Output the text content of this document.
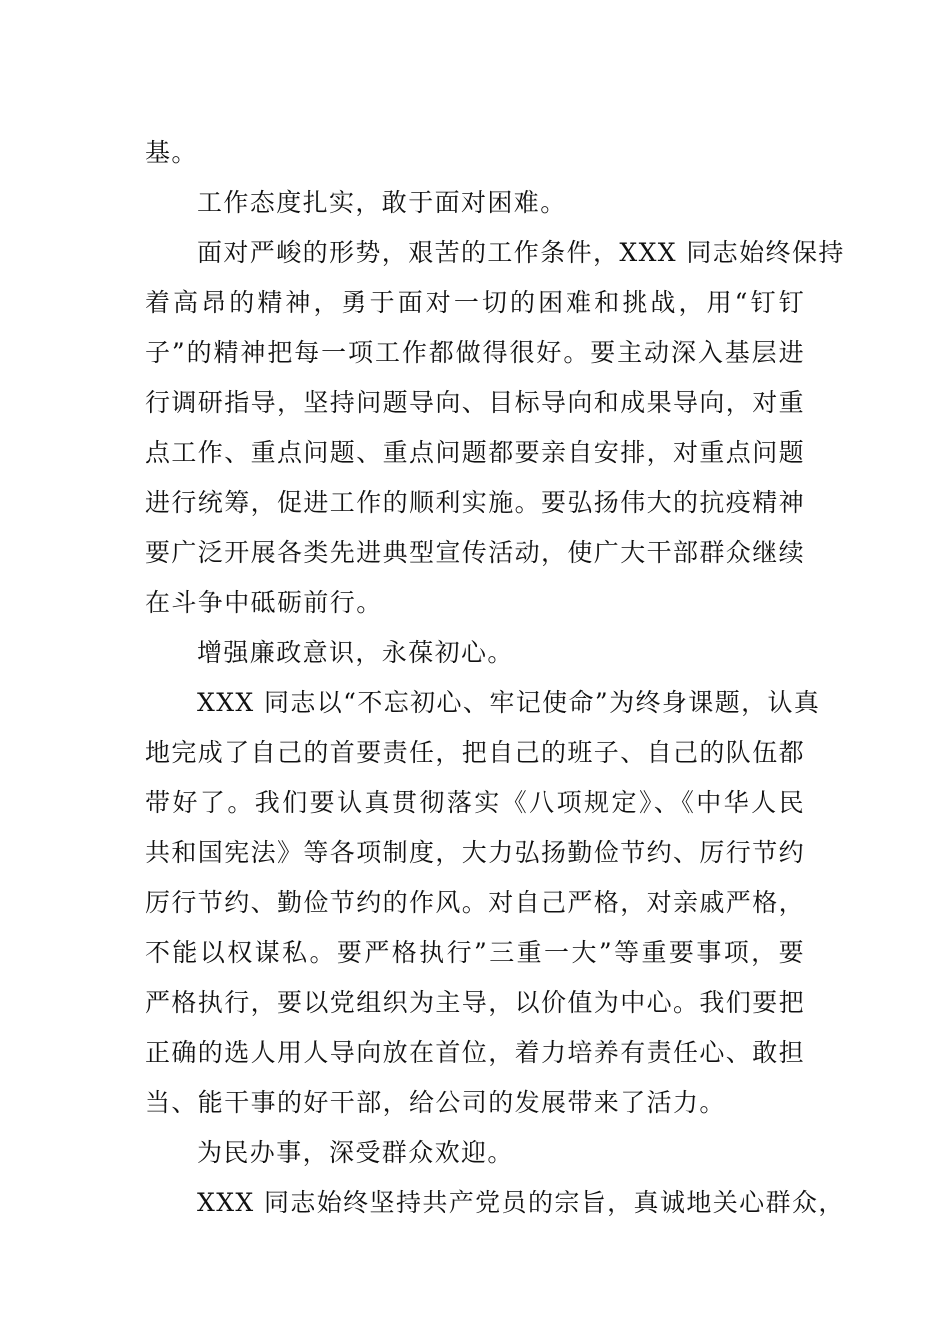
基。
工作态度扎实，敢于面对困难。
面对严峻的形势，艰苦的工作条件，XXX 同志始终保持
着高昂的精神，勇于面对一切的困难和挑战，用“钉钉
子”的精神把每一项工作都做得很好。要主动深入基层进
行调研指导，坚持问题导向、目标导向和成果导向，对重
点工作、重点问题、重点问题都要亲自安排，对重点问题
进行统筹，促进工作的顺利实施。要弘扬伟大的抗疫精神
要广泛开展各类先进典型宣传活动，使广大干部群众继续
在斗争中砥砺前行。
增强廉政意识，永葆初心。
XXX 同志以“不忘初心、牢记使命”为终身课题，认真
地完成了自己的首要责任，把自己的班子、自己的队伍都
带好了。我们要认真贯彻落实《八项规定》、《中华人民
共和国宪法》等各项制度，大力弘扬勤俭节约、厉行节约
厉行节约、勤俭节约的作风。对自己严格，对亲戚严格，
不能以权谋私。要严格执行”三重一大”等重要事项，要
严格执行，要以党组织为主导，以价值为中心。我们要把
正确的选人用人导向放在首位，着力培养有责任心、敢担
当、能干事的好干部，给公司的发展带来了活力。
为民办事，深受群众欢迎。
XXX 同志始终坚持共产党员的宗旨，真诚地关心群众，
